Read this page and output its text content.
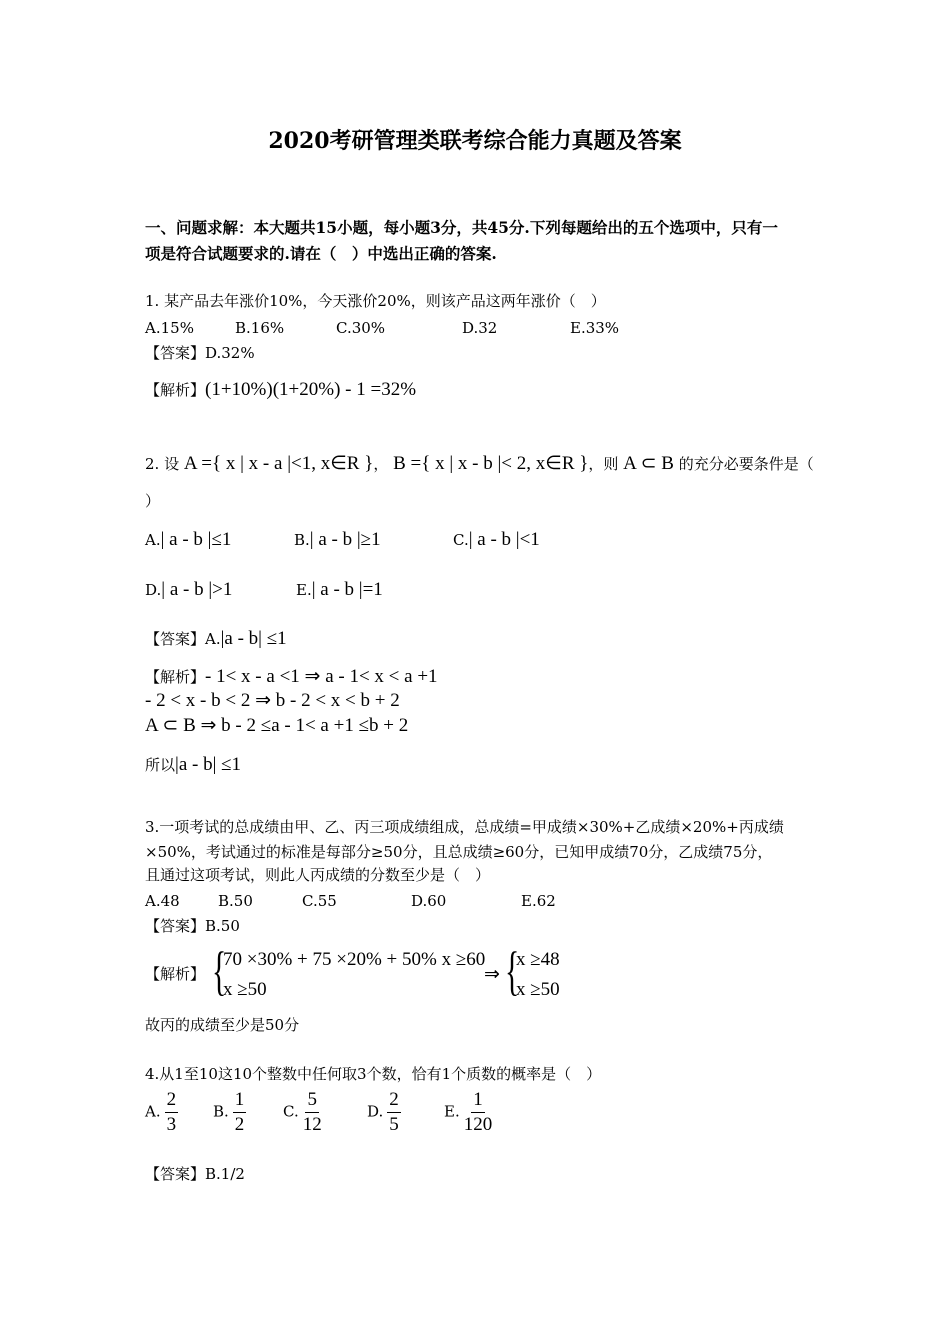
2020考研管理类联考综合能力真题及答案
一、问题求解：本大题共15小题，每小题3分，共45分.下列每题给出的五个选项中，只有一
项是符合试题要求的.请在（　）中选出正确的答案.
1. 某产品去年涨价10%，今天涨价20%，则该产品这两年涨价（　）
A.15%	B.16%	C.30%	D.32	E.33%
【答案】D.32%
【解析】(1+10%)(1+20%) - 1 =32%
2. 设 A ={ x | x - a |<1, x∈R }， B ={ x | x - b |< 2, x∈R }，则 A ⊂ B 的充分必要条件是（
）
A.| a - b |≤1	B.| a - b |≥1	C.| a - b |<1
D.| a - b |>1	E.| a - b |=1
【答案】A.|a - b| ≤1
【解析】- 1< x - a <1 ⇒ a - 1< x < a +1
- 2 < x - b < 2 ⇒ b - 2 < x < b + 2
A ⊂ B ⇒ b - 2 ≤a - 1< a +1 ≤b + 2
所以|a - b| ≤1
3.一项考试的总成绩由甲、乙、丙三项成绩组成，总成绩=甲成绩×30%+乙成绩×20%+丙成绩
×50%，考试通过的标准是每部分≥50分，且总成绩≥60分，已知甲成绩70分，乙成绩75分，
且通过这项考试，则此人丙成绩的分数至少是（　）
A.48	B.50	C.55	D.60	E.62
【答案】B.50
【解析】 {
70 ×30% + 75 ×20% + 50% x ≥60
x ≥50
⇒ {
x ≥48
x ≥50
故丙的成绩至少是50分
4.从1至10这10个整数中任何取3个数，恰有1个质数的概率是（　）
A. $\frac{2}{3} B$. $\frac{1}{2} C$. $\frac{5}{12}$	D. $\frac{2}{5}$	E. $\frac{1}{120}$
【答案】B.1/2
